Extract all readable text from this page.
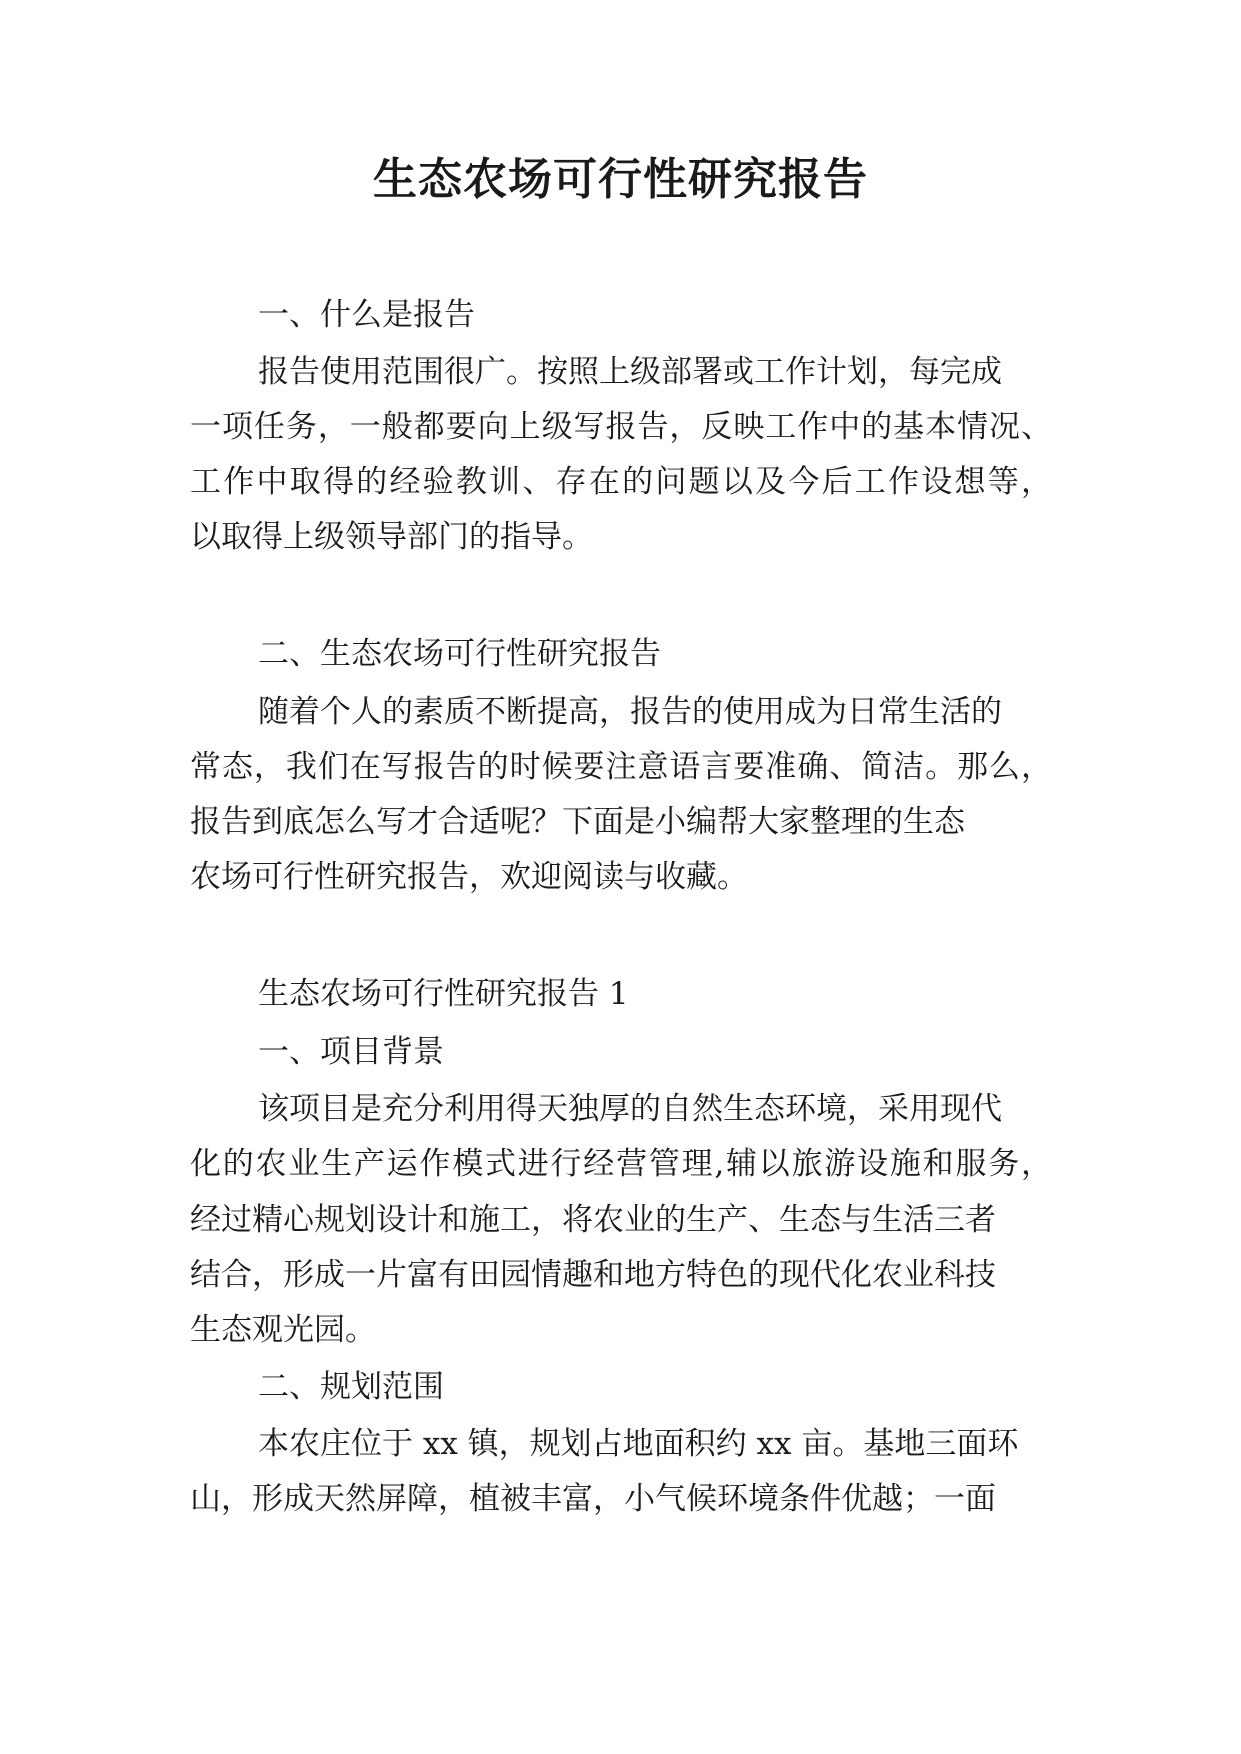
生态农场可行性研究报告

一、什么是报告

报告使用范围很广。按照上级部署或工作计划，每完成

一项任务，一般都要向上级写报告，反映工作中的基本情况、

工作中取得的经验教训、存在的问题以及今后工作设想等，

以取得上级领导部门的指导。

二、生态农场可行性研究报告

随着个人的素质不断提高，报告的使用成为日常生活的

常态，我们在写报告的时候要注意语言要准确、简洁。那么，

报告到底怎么写才合适呢？下面是小编帮大家整理的生态

农场可行性研究报告，欢迎阅读与收藏。

生态农场可行性研究报告 1

一、项目背景

该项目是充分利用得天独厚的自然生态环境，采用现代

化的农业生产运作模式进行经营管理,辅以旅游设施和服务，

经过精心规划设计和施工，将农业的生产、生态与生活三者

结合，形成一片富有田园情趣和地方特色的现代化农业科技

生态观光园。

二、规划范围

本农庄位于 xx 镇，规划占地面积约 xx 亩。基地三面环

山，形成天然屏障，植被丰富，小气候环境条件优越；一面
